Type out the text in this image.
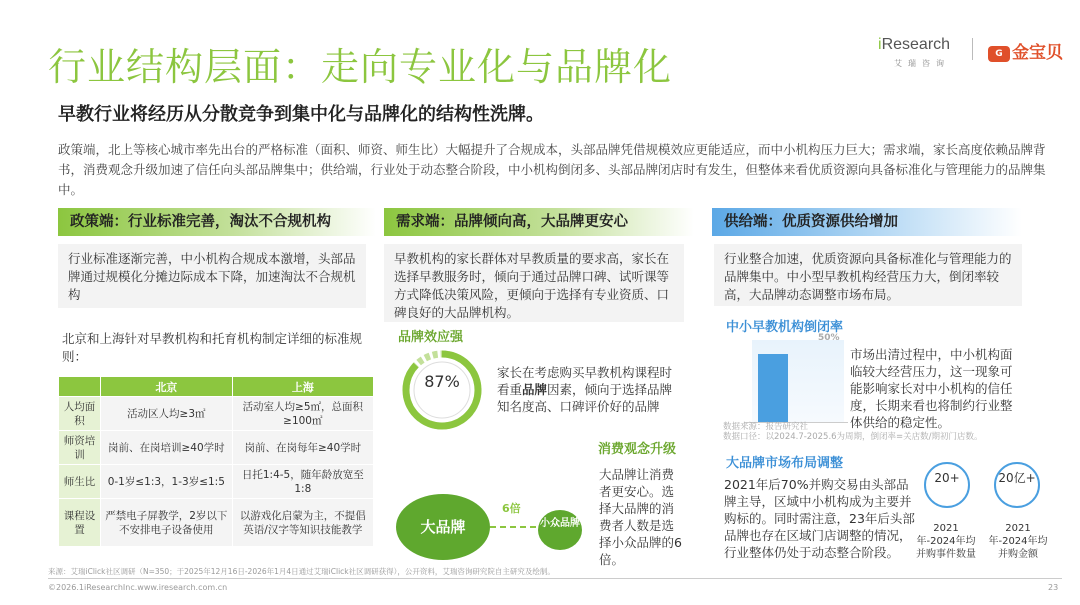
行业结构层面：走向专业化与品牌化
iResearch
艾瑞咨询
G 金宝贝
早教行业将经历从分散竞争到集中化与品牌化的结构性洗牌。
政策端，北上等核心城市率先出台的严格标准（面积、师资、师生比）大幅提升了合规成本，头部品牌凭借规模效应更能适应，而中小机构压力巨大；需求端，家长高度依赖品牌背书，消费观念升级加速了信任向头部品牌集中；供给端，行业处于动态整合阶段，中小机构倒闭多、头部品牌闭店时有发生，但整体来看优质资源向具备标准化与管理能力的品牌集中。
政策端：行业标准完善，淘汰不合规机构
行业标准逐渐完善，中小机构合规成本激增，头部品牌通过规模化分摊边际成本下降，加速淘汰不合规机构
北京和上海针对早教机构和托育机构制定详细的标准规则：
	北京	上海
人均面积	活动区人均≥3㎡	活动室人均≥5㎡，总面积≥100㎡
师资培训	岗前、在岗培训≥40学时	岗前、在岗每年≥40学时
师生比	0-1岁≤1:3，1-3岁≤1:5	日托1:4-5，随年龄放宽至1:8
课程设置	严禁电子屏教学，2岁以下不安排电子设备使用	以游戏化启蒙为主，不提倡英语/汉字等知识技能教学
需求端：品牌倾向高，大品牌更安心
早教机构的家长群体对早教质量的要求高，家长在选择早教服务时，倾向于通过品牌口碑、试听课等方式降低决策风险，更倾向于选择有专业资质、口碑良好的大品牌机构。
品牌效应强
87%	家长在考虑购买早教机构课程时看重品牌因素，倾向于选择品牌知名度高、口碑评价好的品牌
消费观念升级
大品牌让消费者更安心。选择大品牌的消费者人数是选择小众品牌的6倍。
大品牌
6倍
小众品牌
供给端：优质资源供给增加
行业整合加速，优质资源向具备标准化与管理能力的品牌集中。中小型早教机构经营压力大，倒闭率较高，大品牌动态调整市场布局。
中小早教机构倒闭率
50%
数据来源：报告研究社
数据口径：以2024.7-2025.6为周期，倒闭率=关店数/期初门店数。
市场出清过程中，中小机构面临较大经营压力，这一现象可能影响家长对中小机构的信任度，长期来看也将制约行业整体供给的稳定性。
大品牌市场布局调整
2021年后70%并购交易由头部品牌主导，区域中小机构成为主要并购标的。同时需注意，23年后头部品牌也存在区域门店调整的情况，行业整体仍处于动态整合阶段。
20+
2021年-2024年均并购事件数量
20亿+
2021年-2024年均并购金额
来源：艾瑞iClick社区调研（N=350；于2025年12月16日-2026年1月4日通过艾瑞iClick社区调研获得），公开资料，艾瑞咨询研究院自主研究及绘制。
©2026.1iResearchInc.www.iresearch.com.cn	23
